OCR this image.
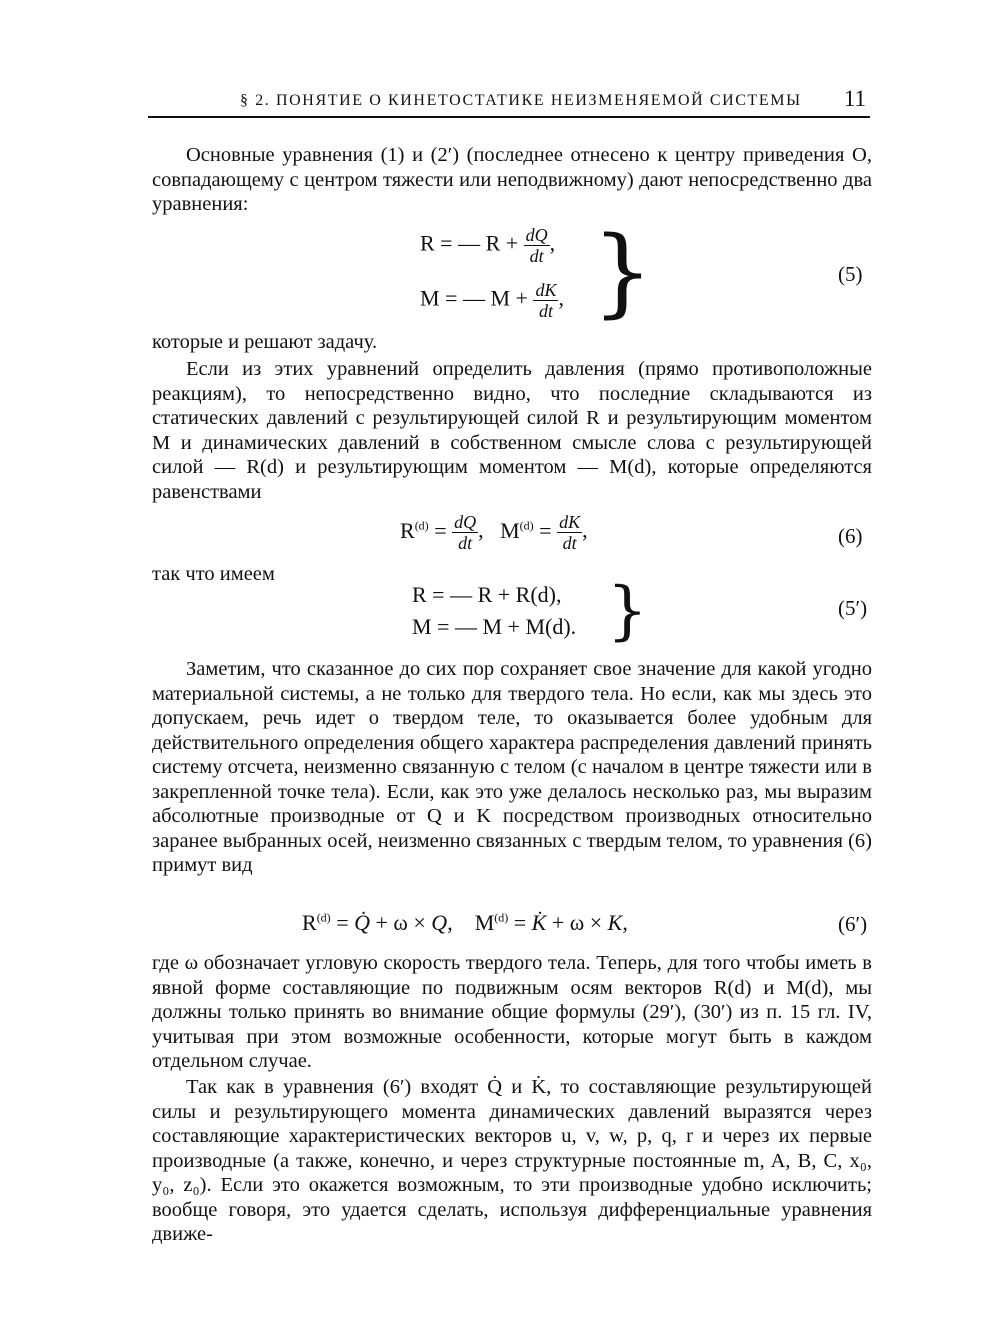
§ 2. ПОНЯТИЕ О КИНЕТОСТАТИКЕ НЕИЗМЕНЯЕМОЙ СИСТЕМЫ 11

Основные уравнения (1) и (2′) (последнее отнесено к центру приведения O, совпадающему с центром тяжести или неподвижному) дают непосредственно два уравнения:

R = — $R + \frac{dQ}{dt}$ ,
M = — $M + \frac{dK}{dt}$ , }	(5)

которые и решают задачу.

Если из этих уравнений определить давления (прямо противоположные реакциям), то непосредственно видно, что последние складываются из статических давлений с результирующей силой R и результирующим моментом M и динамических давлений в собственном смысле слова с результирующей силой — R(d) и результирующим моментом — M(d), которые определяются равенствами

$R^{(d)} = \frac{dQ}{dt}$ ,   $M^{(d)} = \frac{dK}{dt}$ ,	(6)

так что имеем

R = — R + R(d),
M = — M + M(d). }	(5′)

Заметим, что сказанное до сих пор сохраняет свое значение для какой угодно материальной системы, а не только для твердого тела. Но если, как мы здесь это допускаем, речь идет о твердом теле, то оказывается более удобным для действительного определения общего характера распределения давлений принять систему отсчета, неизменно связанную с телом (с началом в центре тяжести или в закрепленной точке тела). Если, как это уже делалось несколько раз, мы выразим абсолютные производные от Q и K посредством производных относительно заранее выбранных осей, неизменно связанных с твердым телом, то уравнения (6) примут вид

$R^{(d)}$ = Q̇ + ω × Q,    $M^{(d)}$ = K̇ + ω × K,	(6′)

где ω обозначает угловую скорость твердого тела. Теперь, для того чтобы иметь в явной форме составляющие по подвижным осям векторов R(d) и M(d), мы должны только принять во внимание общие формулы (29′), (30′) из п. 15 гл. IV, учитывая при этом возможные особенности, которые могут быть в каждом отдельном случае.

Так как в уравнения (6′) входят Q̇ и K̇, то составляющие результирующей силы и результирующего момента динамических давлений выразятся через составляющие характеристических векторов u, v, w, p, q, r и через их первые производные (а также, конечно, и через структурные постоянные m, A, B, C, x₀, y₀, z₀). Если это окажется возможным, то эти производные удобно исключить; вообще говоря, это удается сделать, используя дифференциальные уравнения движе-
